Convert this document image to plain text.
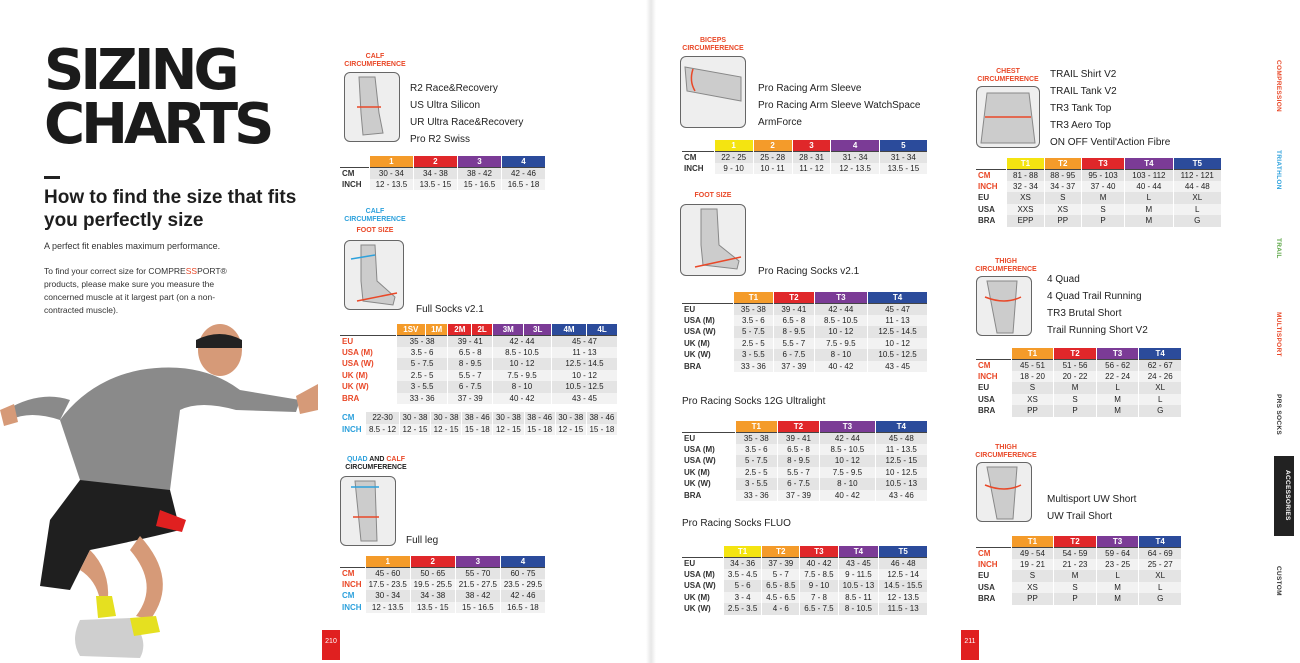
SIZING
CHARTS
How to find the size that fits you perfectly size
A perfect fit enables maximum performance.
To find your correct size for COMPRESSPORT® products, please make sure you measure the concerned muscle at it largest part (on a non-contracted muscle).
CALF
CIRCUMFERENCE
R2 Race&Recovery
US Ultra Silicon
UR Ultra Race&Recovery
Pro R2 Swiss
	1	2	3	4
CM	30 - 34	34 - 38	38 - 42	42 - 46
INCH	12 - 13.5	13.5 - 15	15 - 16.5	16.5 - 18
CALF
CIRCUMFERENCE
FOOT SIZE
Full Socks v2.1
	1SV	1M	2M	2L	3M	3L	4M	4L
EU	35 - 38		39 - 41		42 - 44		45 - 47	
USA (M)	3.5 - 6		6.5 - 8		8.5 - 10.5		11 - 13	
USA (W)	5 - 7.5		8 - 9.5		10 - 12		12.5 - 14.5	
UK (M)	2.5 - 5		5.5 - 7		7.5 - 9.5		10 - 12	
UK (W)	3 - 5.5		6 - 7.5		8 - 10		10.5 - 12.5	
BRA	33 - 36		37 - 39		40 - 42		43 - 45	
CM	22-30	30 - 38	30 - 38	38 - 46	30 - 38	38 - 46	30 - 38	38 - 46
INCH	8.5 - 12	12 - 15	12 - 15	15 - 18	12 - 15	15 - 18	12 - 15	15 - 18
QUAD AND CALF
CIRCUMFERENCE
Full leg
	1	2	3	4
CM	45 - 60	50 - 65	55 - 70	60 - 75
INCH	17.5 - 23.5	19.5 - 25.5	21.5 - 27.5	23.5 - 29.5
CM	30 - 34	34 - 38	38 - 42	42 - 46
INCH	12 - 13.5	13.5 - 15	15 - 16.5	16.5 - 18
210
BICEPS
CIRCUMFERENCE
Pro Racing Arm Sleeve
Pro Racing Arm Sleeve WatchSpace
ArmForce
	1	2	3	4	5
CM	22 - 25	25 - 28	28 - 31	31 - 34	31 - 34
INCH	9 - 10	10 - 11	11 - 12	12 - 13.5	13.5 - 15
FOOT SIZE
Pro Racing Socks v2.1
	T1	T2	T3	T4
EU	35 - 38	39 - 41	42 - 44	45 - 47
USA (M)	3.5 - 6	6.5 - 8	8.5 - 10.5	11 - 13
USA (W)	5 - 7.5	8 - 9.5	10 - 12	12.5 - 14.5
UK (M)	2.5 - 5	5.5 - 7	7.5 - 9.5	10 - 12
UK (W)	3 - 5.5	6 - 7.5	8 - 10	10.5 - 12.5
BRA	33 - 36	37 - 39	40 - 42	43 - 45
Pro Racing Socks 12G Ultralight
	T1	T2	T3	T4
EU	35 - 38	39 - 41	42 - 44	45 - 48
USA (M)	3.5 - 6	6.5 - 8	8.5 - 10.5	11 - 13.5
USA (W)	5 - 7.5	8 - 9.5	10 - 12	12.5 - 15
UK (M)	2.5 - 5	5.5 - 7	7.5 - 9.5	10 - 12.5
UK (W)	3 - 5.5	6 - 7.5	8 - 10	10.5 - 13
BRA	33 - 36	37 - 39	40 - 42	43 - 46
Pro Racing Socks FLUO
	T1	T2	T3	T4	T5
EU	34 - 36	37 - 39	40 - 42	43 - 45	46 - 48
USA (M)	3.5 - 4.5	5 - 7	7.5 - 8.5	9 - 11.5	12.5 - 14
USA (W)	5 - 6	6.5 - 8.5	9 - 10	10.5 - 13	14.5 - 15.5
UK (M)	3 - 4	4.5 - 6.5	7 - 8	8.5 - 11	12 - 13.5
UK (W)	2.5 - 3.5	4 - 6	6.5 - 7.5	8 - 10.5	11.5 - 13
211
CHEST
CIRCUMFERENCE	TRAIL Shirt V2
TRAIL Tank V2
TR3 Tank Top
TR3 Aero Top
ON OFF Ventil'Action Fibre
	T1	T2	T3	T4	T5
CM	81 - 88	88 - 95	95 - 103	103 - 112	112 - 121
INCH	32 - 34	34 - 37	37 - 40	40 - 44	44 - 48
EU	XS	S	M	L	XL
USA	XXS	XS	S	M	L
BRA	EPP	PP	P	M	G
THIGH
CIRCUMFERENCE
4 Quad
4 Quad Trail Running
TR3 Brutal Short
Trail Running Short V2
	T1	T2	T3	T4
CM	45 - 51	51 - 56	56 - 62	62 - 67
INCH	18 - 20	20 - 22	22 - 24	24 - 26
EU	S	M	L	XL
USA	XS	S	M	L
BRA	PP	P	M	G
THIGH
CIRCUMFERENCE
Multisport UW Short
UW Trail Short
	T1	T2	T3	T4
CM	49 - 54	54 - 59	59 - 64	64 - 69
INCH	19 - 21	21 - 23	23 - 25	25 - 27
EU	S	M	L	XL
USA	XS	S	M	L
BRA	PP	P	M	G
COMPRESSION
TRIATHLON
TRAIL
MULTISPORT
PRS SOCKS
ACCESSORIES
CUSTOM
